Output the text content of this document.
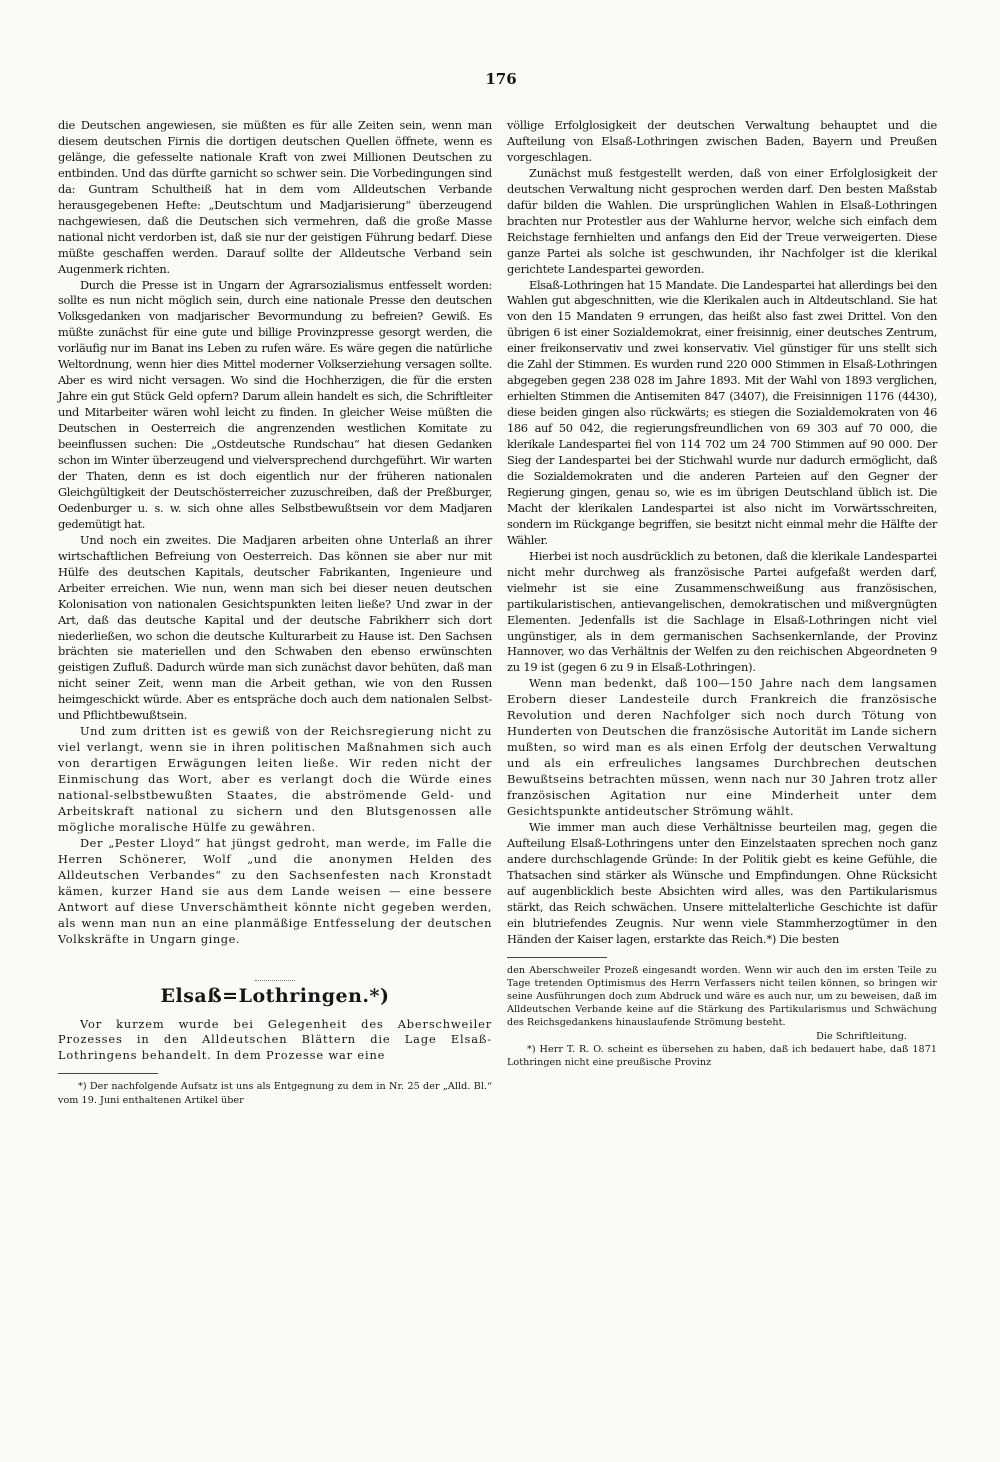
176

die Deutschen angewiesen, sie müßten es für alle Zeiten sein, wenn man diesem deutschen Firnis die dortigen deutschen Quellen öffnete, wenn es gelänge, die gefesselte nationale Kraft von zwei Millionen Deutschen zu entbinden. Und das dürfte garnicht so schwer sein. Die Vorbedingungen sind da: Guntram Schultheiß hat in dem vom Alldeutschen Verbande herausgegebenen Hefte: „Deutschtum und Madjarisierung“ überzeugend nachgewiesen, daß die Deutschen sich vermehren, daß die große Masse national nicht verdorben ist, daß sie nur der geistigen Führung bedarf. Diese müßte geschaffen werden. Darauf sollte der Alldeutsche Verband sein Augenmerk richten.

Durch die Presse ist in Ungarn der Agrarsozialismus entfesselt worden: sollte es nun nicht möglich sein, durch eine nationale Presse den deutschen Volksgedanken von madjarischer Bevormundung zu befreien? Gewiß. Es müßte zunächst für eine gute und billige Provinzpresse gesorgt werden, die vorläufig nur im Banat ins Leben zu rufen wäre. Es wäre gegen die natürliche Weltordnung, wenn hier dies Mittel moderner Volkserziehung versagen sollte. Aber es wird nicht versagen. Wo sind die Hochherzigen, die für die ersten Jahre ein gut Stück Geld opfern? Darum allein handelt es sich, die Schriftleiter und Mitarbeiter wären wohl leicht zu finden. In gleicher Weise müßten die Deutschen in Oesterreich die angrenzenden westlichen Komitate zu beeinflussen suchen: Die „Ostdeutsche Rundschau“ hat diesen Gedanken schon im Winter überzeugend und vielversprechend durchgeführt. Wir warten der Thaten, denn es ist doch eigentlich nur der früheren nationalen Gleichgültigkeit der Deutschösterreicher zuzuschreiben, daß der Preßburger, Oedenburger u. s. w. sich ohne alles Selbstbewußtsein vor dem Madjaren gedemütigt hat.

Und noch ein zweites. Die Madjaren arbeiten ohne Unterlaß an ihrer wirtschaftlichen Befreiung von Oesterreich. Das können sie aber nur mit Hülfe des deutschen Kapitals, deutscher Fabrikanten, Ingenieure und Arbeiter erreichen. Wie nun, wenn man sich bei dieser neuen deutschen Kolonisation von nationalen Gesichtspunkten leiten ließe? Und zwar in der Art, daß das deutsche Kapital und der deutsche Fabrikherr sich dort niederließen, wo schon die deutsche Kulturarbeit zu Hause ist. Den Sachsen brächten sie materiellen und den Schwaben den ebenso erwünschten geistigen Zufluß. Dadurch würde man sich zunächst davor behüten, daß man nicht seiner Zeit, wenn man die Arbeit gethan, wie von den Russen heimgeschickt würde. Aber es entspräche doch auch dem nationalen Selbst- und Pflichtbewußtsein.

Und zum dritten ist es gewiß von der Reichsregierung nicht zu viel verlangt, wenn sie in ihren politischen Maßnahmen sich auch von derartigen Erwägungen leiten ließe. Wir reden nicht der Einmischung das Wort, aber es verlangt doch die Würde eines national-selbstbewußten Staates, die abströmende Geld- und Arbeitskraft national zu sichern und den Blutsgenossen alle mögliche moralische Hülfe zu gewähren.

Der „Pester Lloyd“ hat jüngst gedroht, man werde, im Falle die Herren Schönerer, Wolf „und die anonymen Helden des Alldeutschen Verbandes“ zu den Sachsenfesten nach Kronstadt kämen, kurzer Hand sie aus dem Lande weisen — eine bessere Antwort auf diese Unverschämtheit könnte nicht gegeben werden, als wenn man nun an eine planmäßige Entfesselung der deutschen Volkskräfte in Ungarn ginge.

Elsaß=Lothringen.*)

Vor kurzem wurde bei Gelegenheit des Aberschweiler Prozesses in den Alldeutschen Blättern die Lage Elsaß-Lothringens behandelt. In dem Prozesse war eine

*) Der nachfolgende Aufsatz ist uns als Entgegnung zu dem in Nr. 25 der „Alld. Bl.“ vom 19. Juni enthaltenen Artikel über

völlige Erfolglosigkeit der deutschen Verwaltung behauptet und die Aufteilung von Elsaß-Lothringen zwischen Baden, Bayern und Preußen vorgeschlagen.

Zunächst muß festgestellt werden, daß von einer Erfolglosigkeit der deutschen Verwaltung nicht gesprochen werden darf. Den besten Maßstab dafür bilden die Wahlen. Die ursprünglichen Wahlen in Elsaß-Lothringen brachten nur Protestler aus der Wahlurne hervor, welche sich einfach dem Reichstage fernhielten und anfangs den Eid der Treue verweigerten. Diese ganze Partei als solche ist geschwunden, ihr Nachfolger ist die klerikal gerichtete Landespartei geworden.

Elsaß-Lothringen hat 15 Mandate. Die Landespartei hat allerdings bei den Wahlen gut abgeschnitten, wie die Klerikalen auch in Altdeutschland. Sie hat von den 15 Mandaten 9 errungen, das heißt also fast zwei Drittel. Von den übrigen 6 ist einer Sozialdemokrat, einer freisinnig, einer deutsches Zentrum, einer freikonservativ und zwei konservativ. Viel günstiger für uns stellt sich die Zahl der Stimmen. Es wurden rund 220 000 Stimmen in Elsaß-Lothringen abgegeben gegen 238 028 im Jahre 1893. Mit der Wahl von 1893 verglichen, erhielten Stimmen die Antisemiten 847 (3407), die Freisinnigen 1176 (4430), diese beiden gingen also rückwärts; es stiegen die Sozialdemokraten von 46 186 auf 50 042, die regierungsfreundlichen von 69 303 auf 70 000, die klerikale Landespartei fiel von 114 702 um 24 700 Stimmen auf 90 000. Der Sieg der Landespartei bei der Stichwahl wurde nur dadurch ermöglicht, daß die Sozialdemokraten und die anderen Parteien auf den Gegner der Regierung gingen, genau so, wie es im übrigen Deutschland üblich ist. Die Macht der klerikalen Landespartei ist also nicht im Vorwärtsschreiten, sondern im Rückgange begriffen, sie besitzt nicht einmal mehr die Hälfte der Wähler.

Hierbei ist noch ausdrücklich zu betonen, daß die klerikale Landespartei nicht mehr durchweg als französische Partei aufgefaßt werden darf, vielmehr ist sie eine Zusammenschweißung aus französischen, partikularistischen, antievangelischen, demokratischen und mißvergnügten Elementen. Jedenfalls ist die Sachlage in Elsaß-Lothringen nicht viel ungünstiger, als in dem germanischen Sachsenkernlande, der Provinz Hannover, wo das Verhältnis der Welfen zu den reichischen Abgeordneten 9 zu 19 ist (gegen 6 zu 9 in Elsaß-Lothringen).

Wenn man bedenkt, daß 100—150 Jahre nach dem langsamen Erobern dieser Landesteile durch Frankreich die französische Revolution und deren Nachfolger sich noch durch Tötung von Hunderten von Deutschen die französische Autorität im Lande sichern mußten, so wird man es als einen Erfolg der deutschen Verwaltung und als ein erfreuliches langsames Durchbrechen deutschen Bewußtseins betrachten müssen, wenn nach nur 30 Jahren trotz aller französischen Agitation nur eine Minderheit unter dem Gesichtspunkte antideutscher Strömung wählt.

Wie immer man auch diese Verhältnisse beurteilen mag, gegen die Aufteilung Elsaß-Lothringens unter den Einzelstaaten sprechen noch ganz andere durchschlagende Gründe: In der Politik giebt es keine Gefühle, die Thatsachen sind stärker als Wünsche und Empfindungen. Ohne Rücksicht auf augenblicklich beste Absichten wird alles, was den Partikularismus stärkt, das Reich schwächen. Unsere mittelalterliche Geschichte ist dafür ein blutriefendes Zeugnis. Nur wenn viele Stammherzogtümer in den Händen der Kaiser lagen, erstarkte das Reich.*) Die besten

den Aberschweiler Prozeß eingesandt worden. Wenn wir auch den im ersten Teile zu Tage tretenden Optimismus des Herrn Verfassers nicht teilen können, so bringen wir seine Ausführungen doch zum Abdruck und wäre es auch nur, um zu beweisen, daß im Alldeutschen Verbande keine auf die Stärkung des Partikularismus und Schwächung des Reichsgedankens hinauslaufende Strömung besteht.

Die Schriftleitung.

*) Herr T. R. O. scheint es übersehen zu haben, daß ich bedauert habe, daß 1871 Lothringen nicht eine preußische Provinz
